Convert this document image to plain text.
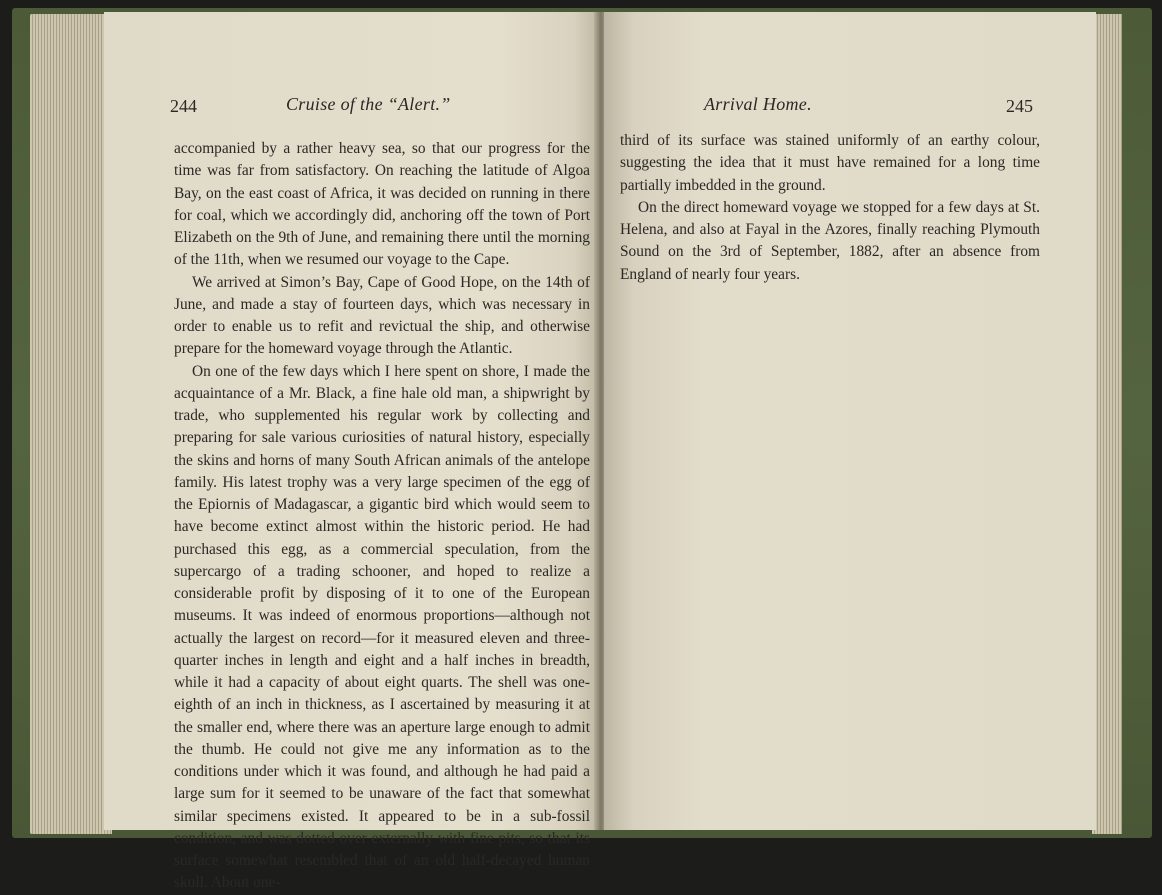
244	Cruise of the “Alert.”

accompanied by a rather heavy sea, so that our progress for the time was far from satisfactory. On reaching the latitude of Algoa Bay, on the east coast of Africa, it was decided on running in there for coal, which we accordingly did, anchoring off the town of Port Elizabeth on the 9th of June, and remaining there until the morning of the 11th, when we resumed our voyage to the Cape.

We arrived at Simon’s Bay, Cape of Good Hope, on the 14th of June, and made a stay of fourteen days, which was necessary in order to enable us to refit and revictual the ship, and otherwise prepare for the homeward voyage through the Atlantic.

On one of the few days which I here spent on shore, I made the acquaintance of a Mr. Black, a fine hale old man, a shipwright by trade, who supplemented his regular work by collecting and preparing for sale various curiosities of natural history, especially the skins and horns of many South African animals of the antelope family. His latest trophy was a very large specimen of the egg of the Epiornis of Madagascar, a gigantic bird which would seem to have become extinct almost within the historic period. He had purchased this egg, as a commercial speculation, from the supercargo of a trading schooner, and hoped to realize a considerable profit by disposing of it to one of the European museums. It was indeed of enormous proportions—although not actually the largest on record—for it measured eleven and three-quarter inches in length and eight and a half inches in breadth, while it had a capacity of about eight quarts. The shell was one-eighth of an inch in thickness, as I ascertained by measuring it at the smaller end, where there was an aperture large enough to admit the thumb. He could not give me any information as to the conditions under which it was found, and although he had paid a large sum for it seemed to be unaware of the fact that somewhat similar specimens existed. It appeared to be in a sub-fossil condition, and was dotted over externally with fine pits, so that its surface somewhat resembled that of an old half-decayed human skull. About one-

Arrival Home.	245

third of its surface was stained uniformly of an earthy colour, suggesting the idea that it must have remained for a long time partially imbedded in the ground.

On the direct homeward voyage we stopped for a few days at St. Helena, and also at Fayal in the Azores, finally reaching Plymouth Sound on the 3rd of September, 1882, after an absence from England of nearly four years.
